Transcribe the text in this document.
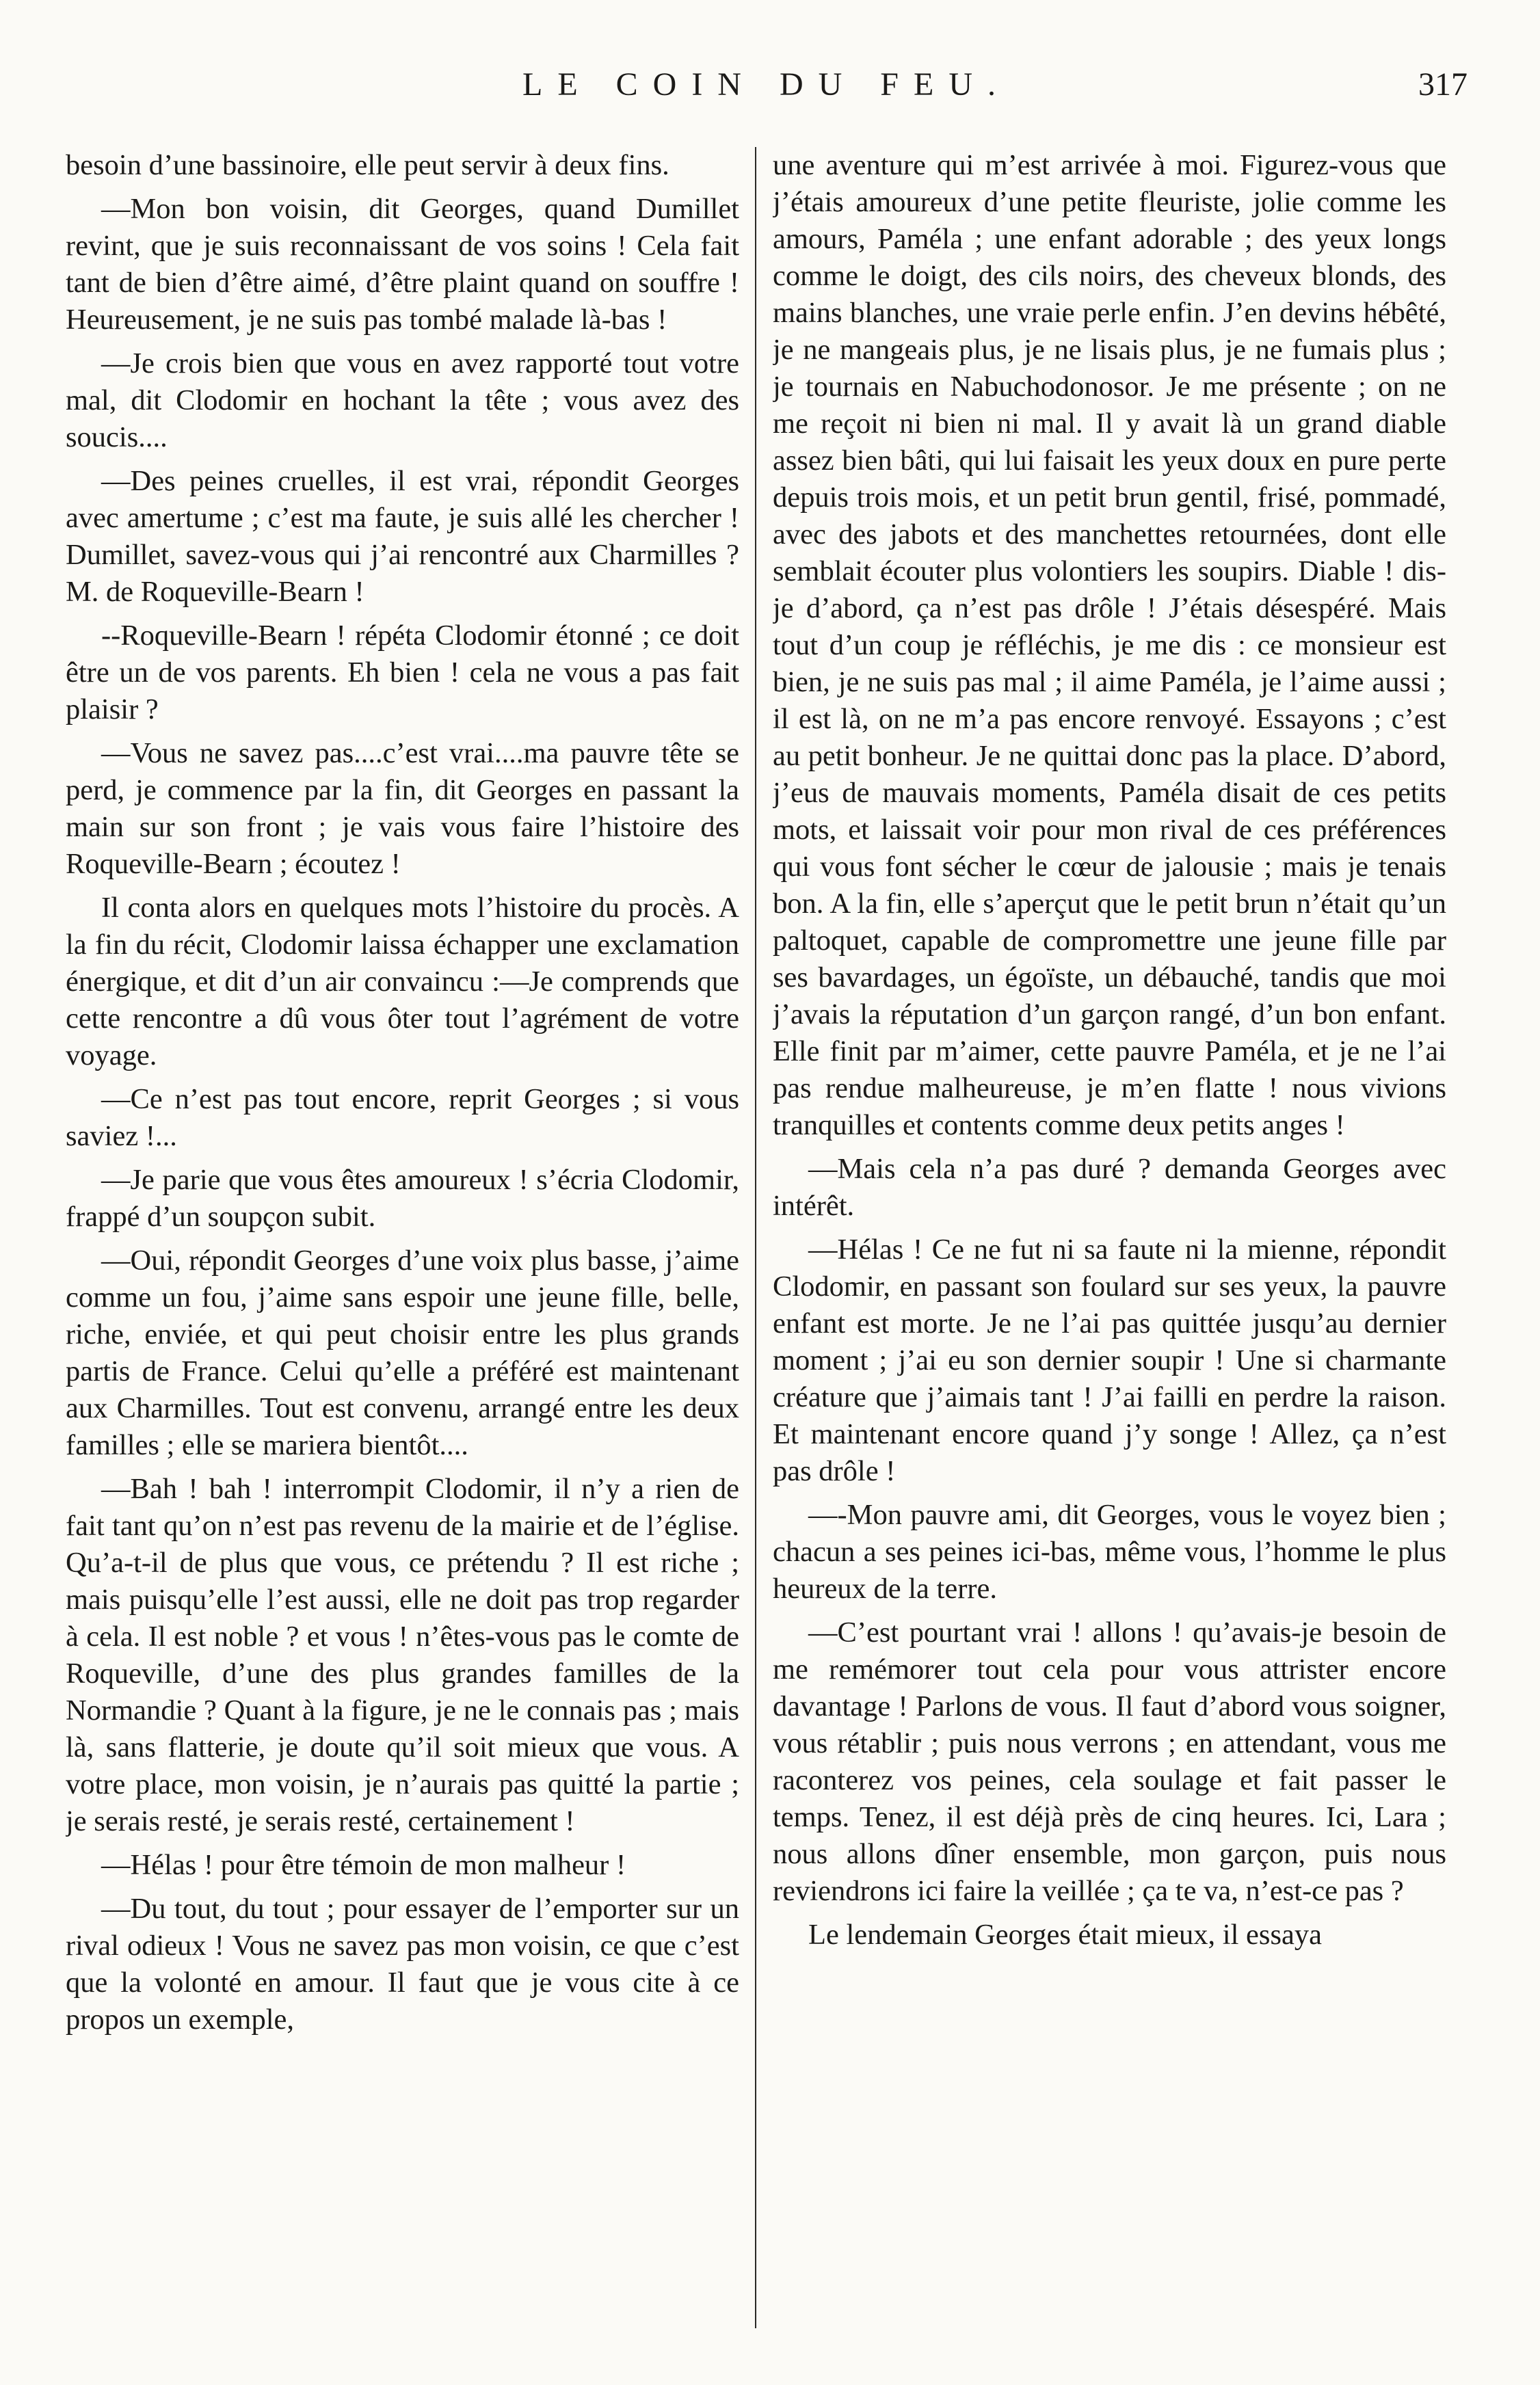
LE COIN DU FEU.	317

besoin d’une bassinoire, elle peut servir à deux fins.

—Mon bon voisin, dit Georges, quand Dumillet revint, que je suis reconnaissant de vos soins ! Cela fait tant de bien d’être aimé, d’être plaint quand on souffre ! Heureusement, je ne suis pas tombé malade là-bas !

—Je crois bien que vous en avez rapporté tout votre mal, dit Clodomir en hochant la tête ; vous avez des soucis....

—Des peines cruelles, il est vrai, répondit Georges avec amertume ; c’est ma faute, je suis allé les chercher ! Dumillet, savez-vous qui j’ai rencontré aux Charmilles ? M. de Roqueville-Bearn !

--Roqueville-Bearn ! répéta Clodomir étonné ; ce doit être un de vos parents. Eh bien ! cela ne vous a pas fait plaisir ?

—Vous ne savez pas....c’est vrai....ma pauvre tête se perd, je commence par la fin, dit Georges en passant la main sur son front ; je vais vous faire l’histoire des Roqueville-Bearn ; écoutez !

Il conta alors en quelques mots l’histoire du procès. A la fin du récit, Clodomir laissa échapper une exclamation énergique, et dit d’un air convaincu :—Je comprends que cette rencontre a dû vous ôter tout l’agrément de votre voyage.

—Ce n’est pas tout encore, reprit Georges ; si vous saviez !...

—Je parie que vous êtes amoureux ! s’écria Clodomir, frappé d’un soupçon subit.

—Oui, répondit Georges d’une voix plus basse, j’aime comme un fou, j’aime sans espoir une jeune fille, belle, riche, enviée, et qui peut choisir entre les plus grands partis de France. Celui qu’elle a préféré est maintenant aux Charmilles. Tout est convenu, arrangé entre les deux familles ; elle se mariera bientôt....

—Bah ! bah ! interrompit Clodomir, il n’y a rien de fait tant qu’on n’est pas revenu de la mairie et de l’église. Qu’a-t-il de plus que vous, ce prétendu ? Il est riche ; mais puisqu’elle l’est aussi, elle ne doit pas trop regarder à cela. Il est noble ? et vous ! n’êtes-vous pas le comte de Roqueville, d’une des plus grandes familles de la Normandie ? Quant à la figure, je ne le connais pas ; mais là, sans flatterie, je doute qu’il soit mieux que vous. A votre place, mon voisin, je n’aurais pas quitté la partie ; je serais resté, je serais resté, certainement !

—Hélas ! pour être témoin de mon malheur !

—Du tout, du tout ; pour essayer de l’emporter sur un rival odieux ! Vous ne savez pas mon voisin, ce que c’est que la volonté en amour. Il faut que je vous cite à ce propos un exemple,

une aventure qui m’est arrivée à moi. Figurez-vous que j’étais amoureux d’une petite fleuriste, jolie comme les amours, Paméla ; une enfant adorable ; des yeux longs comme le doigt, des cils noirs, des cheveux blonds, des mains blanches, une vraie perle enfin. J’en devins hébêté, je ne mangeais plus, je ne lisais plus, je ne fumais plus ; je tournais en Nabuchodonosor. Je me présente ; on ne me reçoit ni bien ni mal. Il y avait là un grand diable assez bien bâti, qui lui faisait les yeux doux en pure perte depuis trois mois, et un petit brun gentil, frisé, pommadé, avec des jabots et des manchettes retournées, dont elle semblait écouter plus volontiers les soupirs. Diable ! dis-je d’abord, ça n’est pas drôle ! J’étais désespéré. Mais tout d’un coup je réfléchis, je me dis : ce monsieur est bien, je ne suis pas mal ; il aime Paméla, je l’aime aussi ; il est là, on ne m’a pas encore renvoyé. Essayons ; c’est au petit bonheur. Je ne quittai donc pas la place. D’abord, j’eus de mauvais moments, Paméla disait de ces petits mots, et laissait voir pour mon rival de ces préférences qui vous font sécher le cœur de jalousie ; mais je tenais bon. A la fin, elle s’aperçut que le petit brun n’était qu’un paltoquet, capable de compromettre une jeune fille par ses bavardages, un égoïste, un débauché, tandis que moi j’avais la réputation d’un garçon rangé, d’un bon enfant. Elle finit par m’aimer, cette pauvre Paméla, et je ne l’ai pas rendue malheureuse, je m’en flatte ! nous vivions tranquilles et contents comme deux petits anges !

—Mais cela n’a pas duré ? demanda Georges avec intérêt.

—Hélas ! Ce ne fut ni sa faute ni la mienne, répondit Clodomir, en passant son foulard sur ses yeux, la pauvre enfant est morte. Je ne l’ai pas quittée jusqu’au dernier moment ; j’ai eu son dernier soupir ! Une si charmante créature que j’aimais tant ! J’ai failli en perdre la raison. Et maintenant encore quand j’y songe ! Allez, ça n’est pas drôle !

—-Mon pauvre ami, dit Georges, vous le voyez bien ; chacun a ses peines ici-bas, même vous, l’homme le plus heureux de la terre.

—C’est pourtant vrai ! allons ! qu’avais-je besoin de me remémorer tout cela pour vous attrister encore davantage ! Parlons de vous. Il faut d’abord vous soigner, vous rétablir ; puis nous verrons ; en attendant, vous me raconterez vos peines, cela soulage et fait passer le temps. Tenez, il est déjà près de cinq heures. Ici, Lara ; nous allons dîner ensemble, mon garçon, puis nous reviendrons ici faire la veillée ; ça te va, n’est-ce pas ?

Le lendemain Georges était mieux, il essaya
